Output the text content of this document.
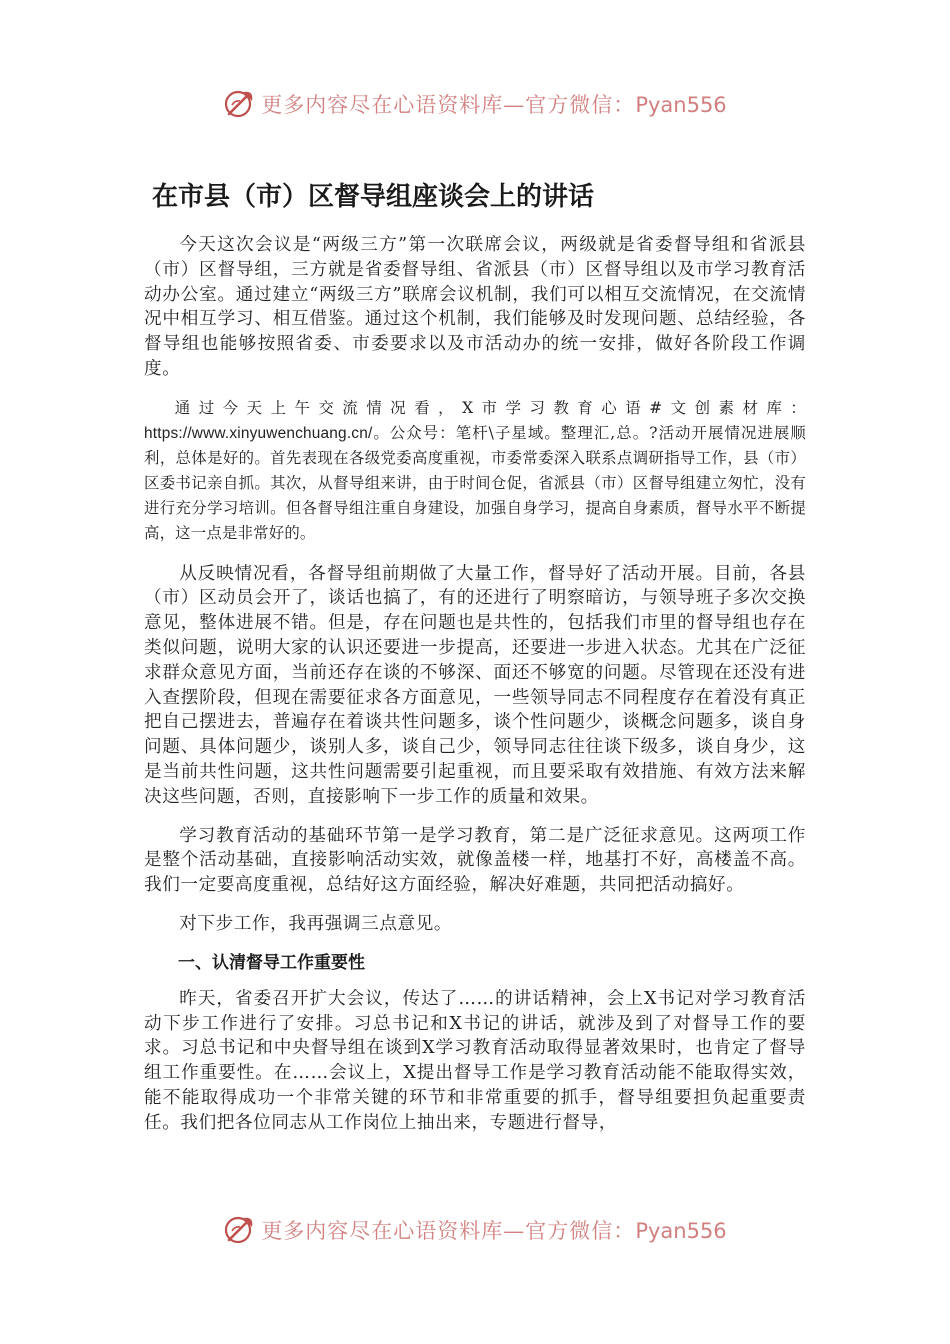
更多内容尽在心语资料库—官方微信：Pyan556
在市县（市）区督导组座谈会上的讲话

今天这次会议是“两级三方”第一次联席会议，两级就是省委督导组和省派县（市）区督导组，三方就是省委督导组、省派县（市）区督导组以及市学习教育活动办公室。通过建立“两级三方”联席会议机制，我们可以相互交流情况，在交流情况中相互学习、相互借鉴。通过这个机制，我们能够及时发现问题、总结经验，各督导组也能够按照省委、市委要求以及市活动办的统一安排，做好各阶段工作调度。

通过今天上午交流情况看，X市学习教育心语#文创素材库：https://www.xinyuwenchuang.cn/。公众号：笔杆\子星域。整理汇,总。?活动开展情况进展顺利，总体是好的。首先表现在各级党委高度重视，市委常委深入联系点调研指导工作，县（市）区委书记亲自抓。其次，从督导组来讲，由于时间仓促，省派县（市）区督导组建立匆忙，没有进行充分学习培训。但各督导组注重自身建设，加强自身学习，提高自身素质，督导水平不断提高，这一点是非常好的。

从反映情况看，各督导组前期做了大量工作，督导好了活动开展。目前，各县（市）区动员会开了，谈话也搞了，有的还进行了明察暗访，与领导班子多次交换意见，整体进展不错。但是，存在问题也是共性的，包括我们市里的督导组也存在类似问题，说明大家的认识还要进一步提高，还要进一步进入状态。尤其在广泛征求群众意见方面，当前还存在谈的不够深、面还不够宽的问题。尽管现在还没有进入查摆阶段，但现在需要征求各方面意见，一些领导同志不同程度存在着没有真正把自己摆进去，普遍存在着谈共性问题多，谈个性问题少，谈概念问题多，谈自身问题、具体问题少，谈别人多，谈自己少，领导同志往往谈下级多，谈自身少，这是当前共性问题，这共性问题需要引起重视，而且要采取有效措施、有效方法来解决这些问题，否则，直接影响下一步工作的质量和效果。

学习教育活动的基础环节第一是学习教育，第二是广泛征求意见。这两项工作是整个活动基础，直接影响活动实效，就像盖楼一样，地基打不好，高楼盖不高。我们一定要高度重视，总结好这方面经验，解决好难题，共同把活动搞好。

对下步工作，我再强调三点意见。

一、认清督导工作重要性

昨天，省委召开扩大会议，传达了……的讲话精神，会上X书记对学习教育活动下步工作进行了安排。习总书记和X书记的讲话，就涉及到了对督导工作的要求。习总书记和中央督导组在谈到X学习教育活动取得显著效果时，也肯定了督导组工作重要性。在……会议上，X提出督导工作是学习教育活动能不能取得实效，能不能取得成功一个非常关键的环节和非常重要的抓手，督导组要担负起重要责任。我们把各位同志从工作岗位上抽出来，专题进行督导，

更多内容尽在心语资料库—官方微信：Pyan556
